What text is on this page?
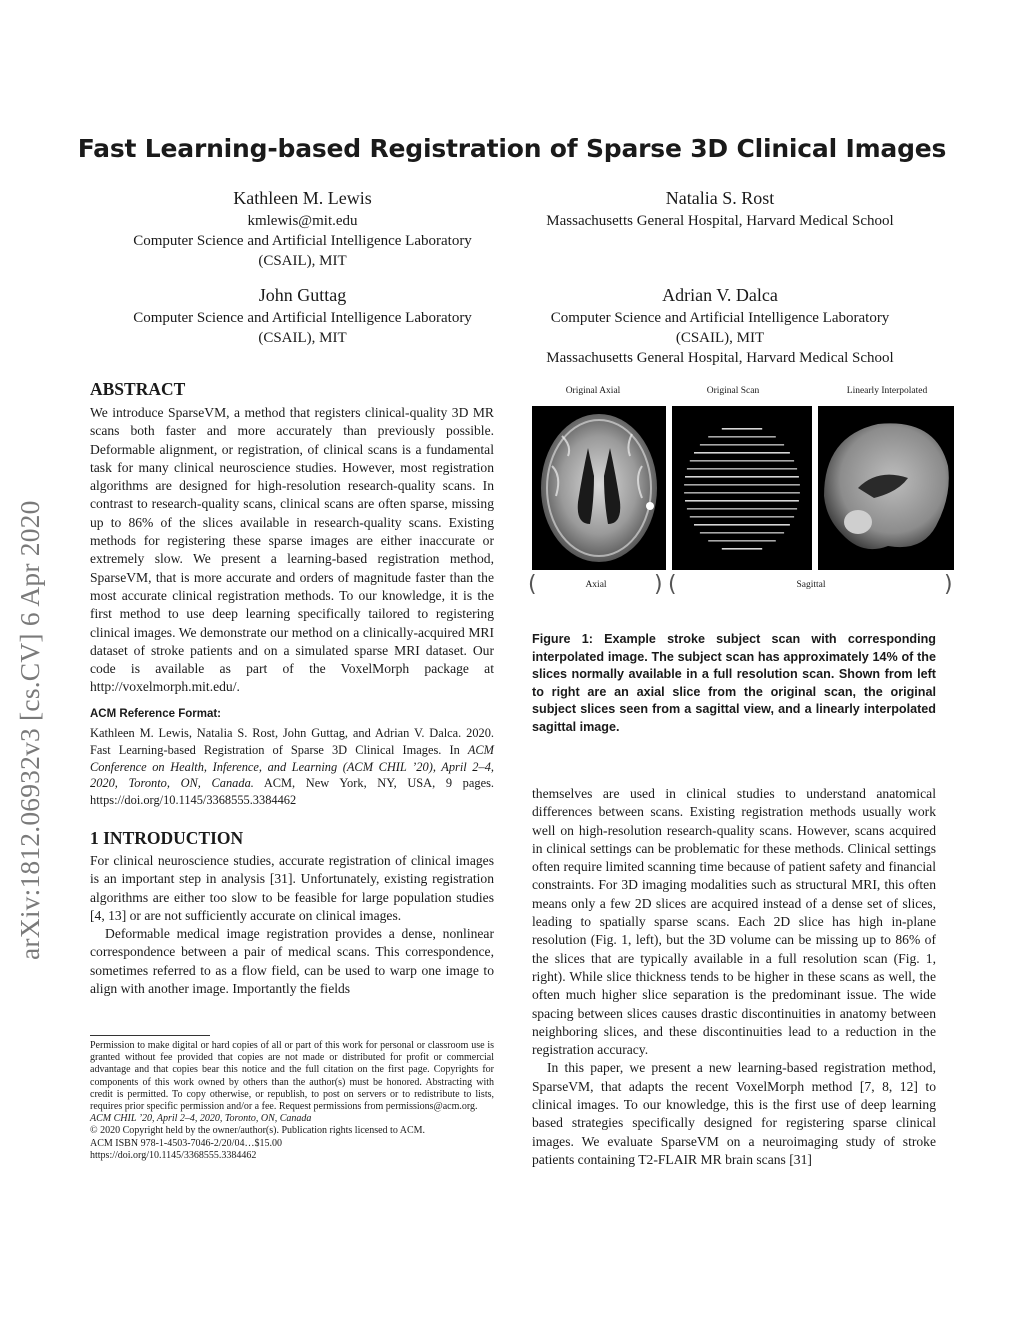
arXiv:1812.06932v3 [cs.CV] 6 Apr 2020
Fast Learning-based Registration of Sparse 3D Clinical Images
Kathleen M. Lewis
kmlewis@mit.edu
Computer Science and Artificial Intelligence Laboratory
(CSAIL), MIT
Natalia S. Rost
Massachusetts General Hospital, Harvard Medical School
John Guttag
Computer Science and Artificial Intelligence Laboratory
(CSAIL), MIT
Adrian V. Dalca
Computer Science and Artificial Intelligence Laboratory
(CSAIL), MIT
Massachusetts General Hospital, Harvard Medical School
ABSTRACT

We introduce SparseVM, a method that registers clinical-quality 3D MR scans both faster and more accurately than previously possible. Deformable alignment, or registration, of clinical scans is a fundamental task for many clinical neuroscience studies. However, most registration algorithms are designed for high-resolution research-quality scans. In contrast to research-quality scans, clinical scans are often sparse, missing up to 86% of the slices available in research-quality scans. Existing methods for registering these sparse images are either inaccurate or extremely slow. We present a learning-based registration method, SparseVM, that is more accurate and orders of magnitude faster than the most accurate clinical registration methods. To our knowledge, it is the first method to use deep learning specifically tailored to registering clinical images. We demonstrate our method on a clinically-acquired MRI dataset of stroke patients and on a simulated sparse MRI dataset. Our code is available as part of the VoxelMorph package at http://voxelmorph.mit.edu/.

ACM Reference Format:
Kathleen M. Lewis, Natalia S. Rost, John Guttag, and Adrian V. Dalca. 2020. Fast Learning-based Registration of Sparse 3D Clinical Images. In ACM Conference on Health, Inference, and Learning (ACM CHIL ’20), April 2–4, 2020, Toronto, ON, Canada. ACM, New York, NY, USA, 9 pages. https://doi.org/10.1145/3368555.3384462
1 INTRODUCTION

For clinical neuroscience studies, accurate registration of clinical images is an important step in analysis [31]. Unfortunately, existing registration algorithms are either too slow to be feasible for large population studies [4, 13] or are not sufficiently accurate on clinical images.

Deformable medical image registration provides a dense, nonlinear correspondence between a pair of medical scans. This correspondence, sometimes referred to as a flow field, can be used to warp one image to align with another image. Importantly the fields

Permission to make digital or hard copies of all or part of this work for personal or classroom use is granted without fee provided that copies are not made or distributed for profit or commercial advantage and that copies bear this notice and the full citation on the first page. Copyrights for components of this work owned by others than the author(s) must be honored. Abstracting with credit is permitted. To copy otherwise, or republish, to post on servers or to redistribute to lists, requires prior specific permission and/or a fee. Request permissions from permissions@acm.org.

ACM CHIL ’20, April 2–4, 2020, Toronto, ON, Canada

© 2020 Copyright held by the owner/author(s). Publication rights licensed to ACM.

ACM ISBN 978-1-4503-7046-2/20/04…$15.00

https://doi.org/10.1145/3368555.3384462

Original Axial	Original Scan	Linearly Interpolated
(	Axial	) (	Sagittal	)
Figure 1: Example stroke subject scan with corresponding interpolated image. The subject scan has approximately 14% of the slices normally available in a full resolution scan. Shown from left to right are an axial slice from the original scan, the original subject slices seen from a sagittal view, and a linearly interpolated sagittal image.

themselves are used in clinical studies to understand anatomical differences between scans. Existing registration methods usually work well on high-resolution research-quality scans. However, scans acquired in clinical settings can be problematic for these methods. Clinical settings often require limited scanning time because of patient safety and financial constraints. For 3D imaging modalities such as structural MRI, this often means only a few 2D slices are acquired instead of a dense set of slices, leading to spatially sparse scans. Each 2D slice has high in-plane resolution (Fig. 1, left), but the 3D volume can be missing up to 86% of the slices that are typically available in a full resolution scan (Fig. 1, right). While slice thickness tends to be higher in these scans as well, the often much higher slice separation is the predominant issue. The wide spacing between slices causes drastic discontinuities in anatomy between neighboring slices, and these discontinuities lead to a reduction in the registration accuracy.

In this paper, we present a new learning-based registration method, SparseVM, that adapts the recent VoxelMorph method [7, 8, 12] to clinical images. To our knowledge, this is the first use of deep learning based strategies specifically designed for registering sparse clinical images. We evaluate SparseVM on a neuroimaging study of stroke patients containing T2-FLAIR MR brain scans [31]
